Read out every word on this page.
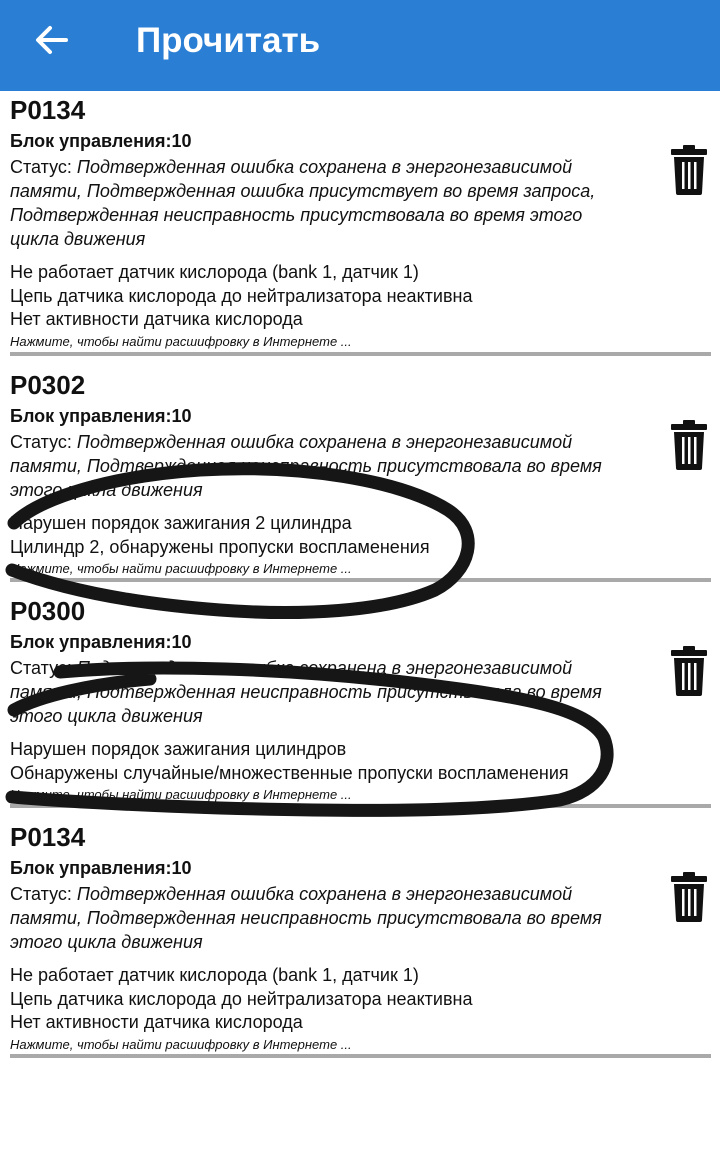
Прочитать
P0134
Блок управления:10
Статус: Подтвержденная ошибка сохранена в энергонезависимой
памяти, Подтвержденная ошибка присутствует во время запроса,
Подтвержденная неисправность присутствовала во время этого
цикла движения
Не работает датчик кислорода (bank 1, датчик 1)
Цепь датчика кислорода до нейтрализатора неактивна
Нет активности датчика кислорода
Нажмите, чтобы найти расшифровку в Интернете ...
P0302
Блок управления:10
Статус: Подтвержденная ошибка сохранена в энергонезависимой
памяти, Подтвержденная неисправность присутствовала во время
этого цикла движения
Нарушен порядок зажигания 2 цилиндра
Цилиндр 2, обнаружены пропуски воспламенения
Нажмите, чтобы найти расшифровку в Интернете ...
P0300
Блок управления:10
Статус: Подтвержденная ошибка сохранена в энергонезависимой
памяти, Подтвержденная неисправность присутствовала во время
этого цикла движения
Нарушен порядок зажигания цилиндров
Обнаружены случайные/множественные пропуски воспламенения
Нажмите, чтобы найти расшифровку в Интернете ...
P0134
Блок управления:10
Статус: Подтвержденная ошибка сохранена в энергонезависимой
памяти, Подтвержденная неисправность присутствовала во время
этого цикла движения
Не работает датчик кислорода (bank 1, датчик 1)
Цепь датчика кислорода до нейтрализатора неактивна
Нет активности датчика кислорода
Нажмите, чтобы найти расшифровку в Интернете ...
